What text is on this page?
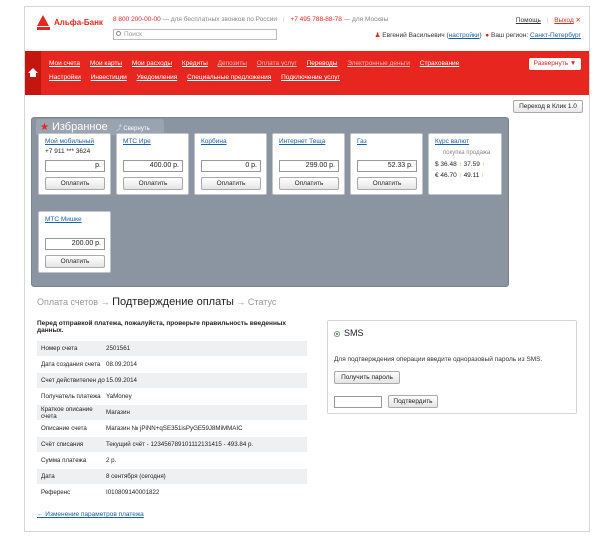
Альфа-Банк 8 800 200-00-00 — для бесплатных звонков по России | +7 495 788-88-78 — для Москвы
Поиск
Помощь | Выход ✕
♟ Евгений Васильевич (настройки)  ● Ваш регион: Санкт-Петербург
Мои счета Мои карты Мои расходы Кредиты Депозиты Оплата услуг Переводы Электронные деньги Страхование
Настройки Инвестиции Уведомления Специальные предложения Подключение услуг
Развернуть ▼
Переход в Клик 1.0
★ Избранное ⤴ Свернуть
Мой мобильный
+7 911 *** 3624
р.
Оплатить
МТС Ире
400.00 р.
Оплатить
Корбина
0 р.
Оплатить
Интернет Теща
299.00 р.
Оплатить
Газ
52.33 р.
Оплатить
Курс валют
покупка продажа
$ 36.48 ↑ 37.59 ↑
€ 46.70 ↑ 49.11 ↑
МТС Мишке
200.00 р.
Оплатить
Оплата счетов → Подтверждение оплаты → Статус
Перед отправкой платежа, пожалуйста, проверьте правильность введенных данных.
Номер счета	2501561
Дата создания счета 08.09.2014
Счет действителен до 15.09.2014
Получатель платежа YaMoney
Краткое описание счета	Магазин
Описание счета	Магазин № jPiNN+qSE351isPyGE59J8MiMMAIC
Счёт списания	Текущий счёт - 12345678910111213141​5 - 493.84 р.
Сумма платежа	2 р.
Дата	8 сентября (сегодня)
Референс	I010809140001822
SMS
Для подтверждения операции введите одноразовый пароль из SMS.
Получить пароль
Подтвердить
← Изменение параметров платежа
